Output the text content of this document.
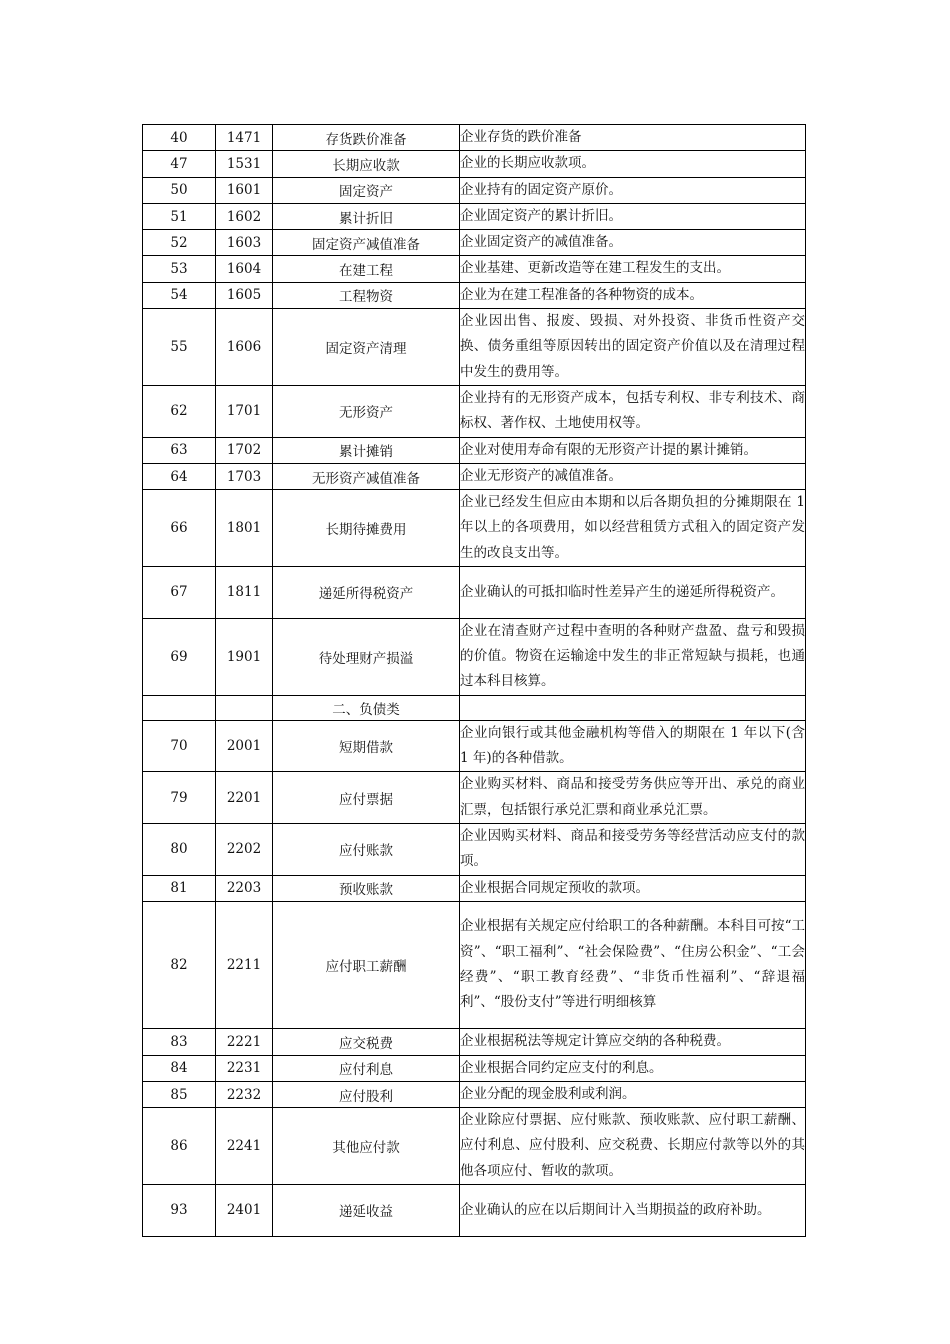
40	1471	存货跌价准备	企业存货的跌价准备
47	1531	长期应收款	企业的长期应收款项。
50	1601	固定资产	企业持有的固定资产原价。
51	1602	累计折旧	企业固定资产的累计折旧。
52	1603	固定资产减值准备	企业固定资产的减值准备。
53	1604	在建工程	企业基建、更新改造等在建工程发生的支出。
54	1605	工程物资	企业为在建工程准备的各种物资的成本。
55	1606	固定资产清理	企业因出售、报废、毁损、对外投资、非货币性资产交换、债务重组等原因转出的固定资产价值以及在清理过程中发生的费用等。
62	1701	无形资产	企业持有的无形资产成本，包括专利权、非专利技术、商标权、著作权、土地使用权等。
63	1702	累计摊销	企业对使用寿命有限的无形资产计提的累计摊销。
64	1703	无形资产减值准备	企业无形资产的减值准备。
66	1801	长期待摊费用	企业已经发生但应由本期和以后各期负担的分摊期限在 1 年以上的各项费用，如以经营租赁方式租入的固定资产发生的改良支出等。
67	1811	递延所得税资产	企业确认的可抵扣临时性差异产生的递延所得税资产。
69	1901	待处理财产损溢	企业在清查财产过程中查明的各种财产盘盈、盘亏和毁损的价值。物资在运输途中发生的非正常短缺与损耗，也通过本科目核算。
		二、负债类	
70	2001	短期借款	企业向银行或其他金融机构等借入的期限在 1 年以下(含 1 年)的各种借款。
79	2201	应付票据	企业购买材料、商品和接受劳务供应等开出、承兑的商业汇票，包括银行承兑汇票和商业承兑汇票。
80	2202	应付账款	企业因购买材料、商品和接受劳务等经营活动应支付的款项。
81	2203	预收账款	企业根据合同规定预收的款项。
82	2211	应付职工薪酬	企业根据有关规定应付给职工的各种薪酬。本科目可按“工资”、“职工福利”、“社会保险费”、“住房公积金”、“工会经费”、“职工教育经费”、“非货币性福利”、“辞退福利”、“股份支付”等进行明细核算
83	2221	应交税费	企业根据税法等规定计算应交纳的各种税费。
84	2231	应付利息	企业根据合同约定应支付的利息。
85	2232	应付股利	企业分配的现金股利或利润。
86	2241	其他应付款	企业除应付票据、应付账款、预收账款、应付职工薪酬、应付利息、应付股利、应交税费、长期应付款等以外的其他各项应付、暂收的款项。
93	2401	递延收益	企业确认的应在以后期间计入当期损益的政府补助。
